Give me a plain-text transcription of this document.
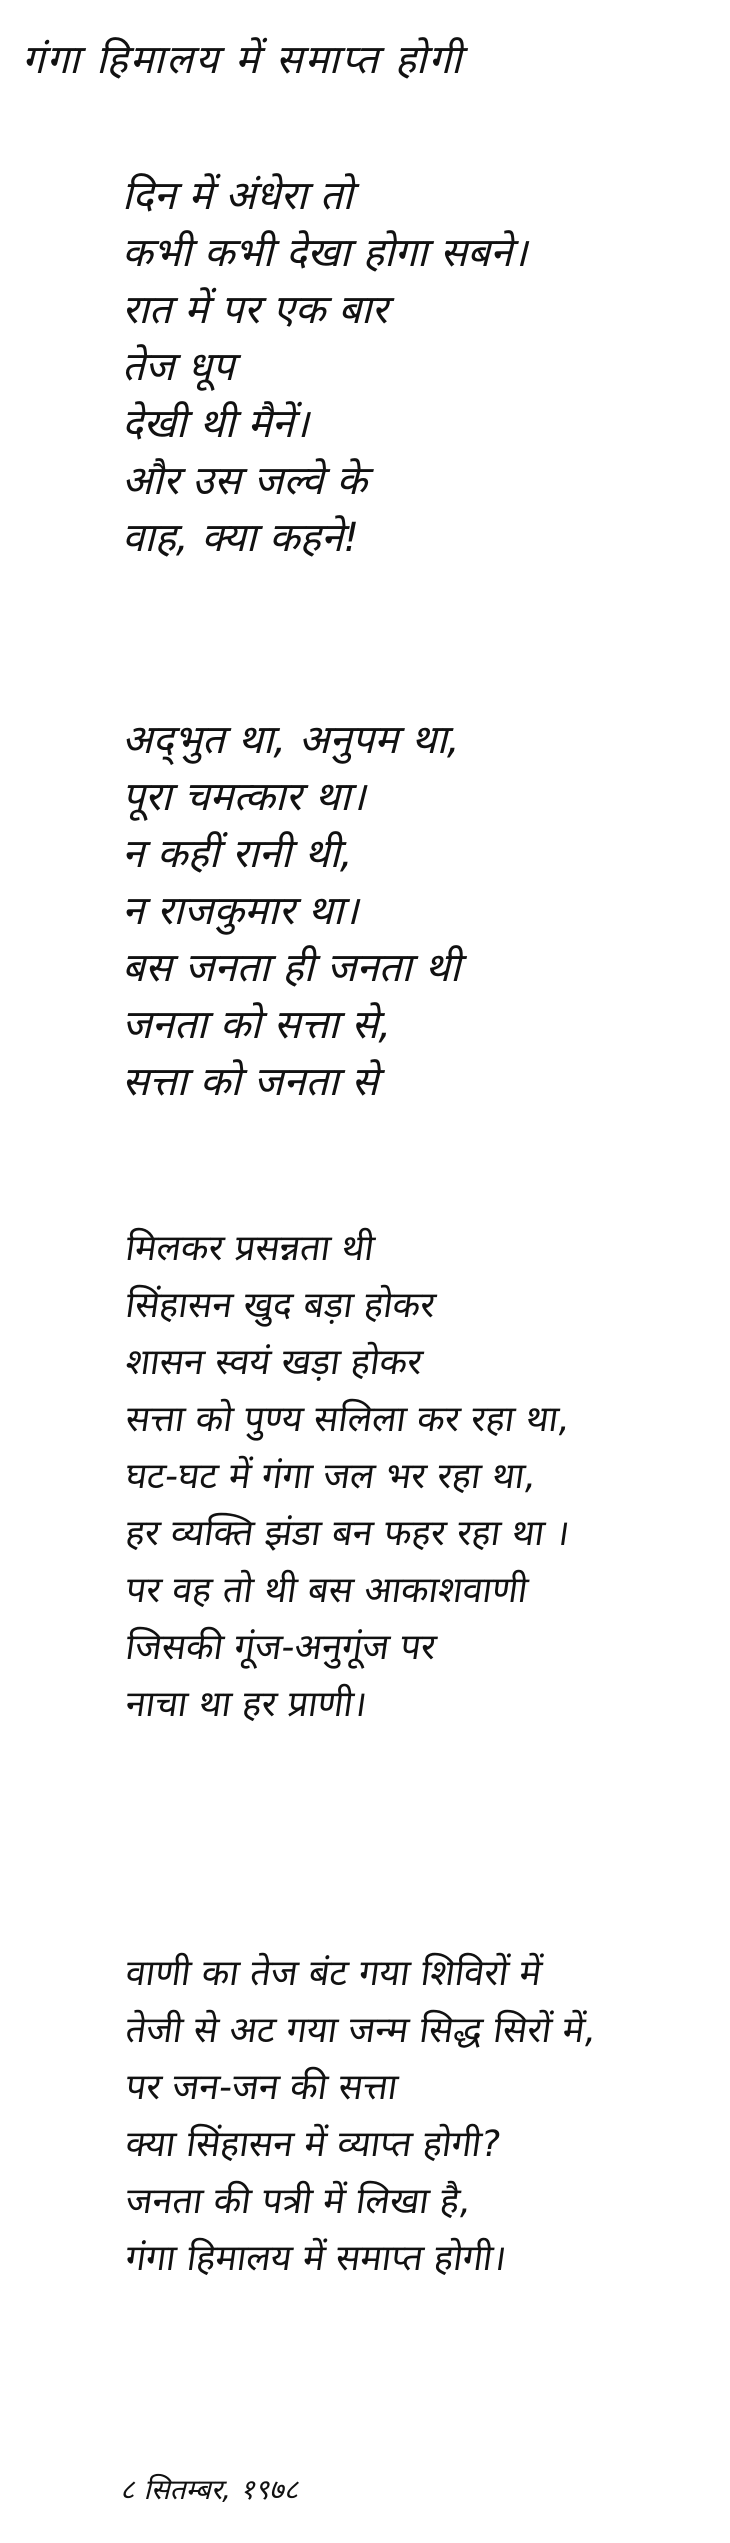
गंगा हिमालय में समाप्त होगी
दिन में अंधेरा तो
कभी कभी देखा होगा सबने।
रात में पर एक बार
तेज धूप
देखी थी मैनें।
और उस जल्वे के
वाह, क्या कहने!
अद्‌भुत था, अनुपम था,
पूरा चमत्कार था।
न कहीं रानी थी,
न राजकुमार था।
बस जनता ही जनता थी
जनता को सत्ता से,
सत्ता को जनता से
मिलकर प्रसन्नता थी
सिंहासन खुद बड़ा होकर
शासन स्वयं खड़ा होकर
सत्ता को पुण्य सलिला कर रहा था,
घट-घट में गंगा जल भर रहा था,
हर व्यक्ति झंडा बन फहर रहा था ।
पर वह तो थी बस आकाशवाणी
जिसकी गूंज-अनुगूंज पर
नाचा था हर प्राणी।
वाणी का तेज बंट गया शिविरों में
तेजी से अट गया जन्म सिद्ध सिरों में,
पर जन-जन की सत्ता
क्या सिंहासन में व्याप्त होगी?
जनता की पत्री में लिखा है,
गंगा हिमालय में समाप्त होगी।
८ सितम्बर, १९७८
